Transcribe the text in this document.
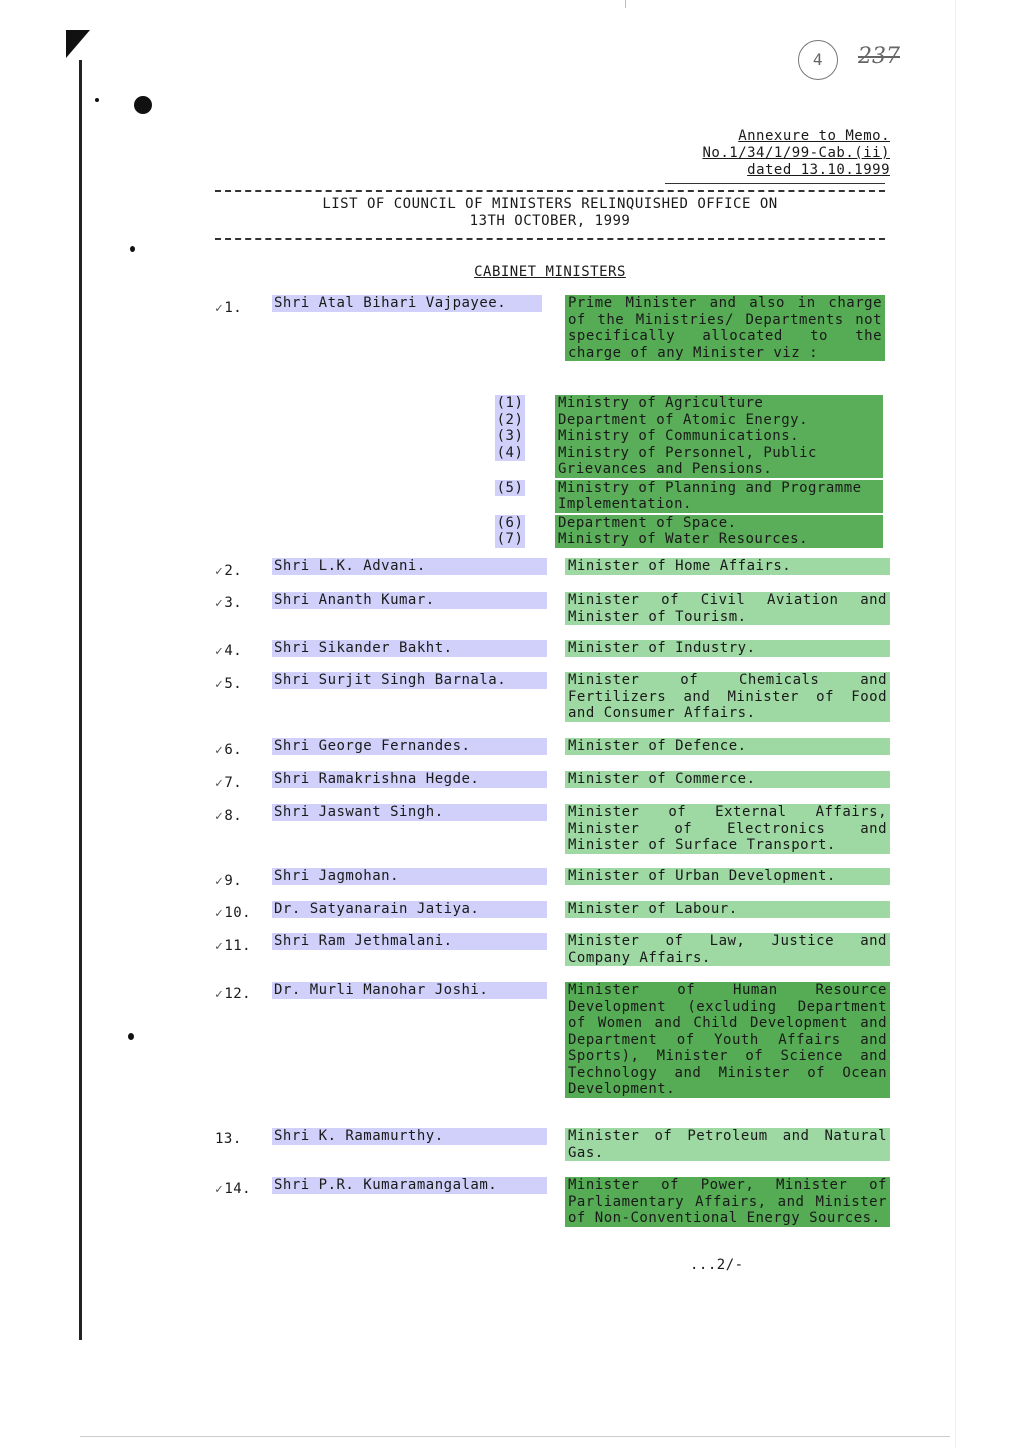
4	237
Annexure to Memo.
No.1/34/1/99-Cab.(ii)
dated 13.10.1999
LIST OF COUNCIL OF MINISTERS RELINQUISHED OFFICE ON
13TH OCTOBER, 1999
CABINET MINISTERS
✓1.	Shri Atal Bihari Vajpayee.	Prime Minister and also in charge of the Ministries/ Departments not specifically allocated to the charge of any Minister viz :
(1) Ministry of Agriculture
(2) Department of Atomic Energy.
(3) Ministry of Communications.
(4) Ministry of Personnel, Public Grievances and Pensions.
(5) Ministry of Planning and Programme Implementation.
(6) Department of Space.
(7) Ministry of Water Resources.
✓2.	Shri L.K. Advani.	Minister of Home Affairs.
✓3.	Shri Ananth Kumar.	Minister of Civil Aviation and Minister of Tourism.
✓4.	Shri Sikander Bakht.	Minister of Industry.
✓5.	Shri Surjit Singh Barnala.	Minister of Chemicals and Fertilizers and Minister of Food and Consumer Affairs.
✓6.	Shri George Fernandes.	Minister of Defence.
✓7.	Shri Ramakrishna Hegde.	Minister of Commerce.
✓8.	Shri Jaswant Singh.	Minister of External Affairs, Minister of Electronics and Minister of Surface Transport.
✓9.	Shri Jagmohan.	Minister of Urban Development.
✓10. Dr. Satyanarain Jatiya.	Minister of Labour.
✓11. Shri Ram Jethmalani.	Minister of Law, Justice and Company Affairs.
✓12. Dr. Murli Manohar Joshi.	Minister of Human Resource Development (excluding Department of Women and Child Development and Department of Youth Affairs and Sports), Minister of Science and Technology and Minister of Ocean Development.
13.	Shri K. Ramamurthy.	Minister of Petroleum and Natural Gas.
✓14. Shri P.R. Kumaramangalam.	Minister of Power, Minister of Parliamentary Affairs, and Minister of Non-Conventional Energy Sources.
...2/-
